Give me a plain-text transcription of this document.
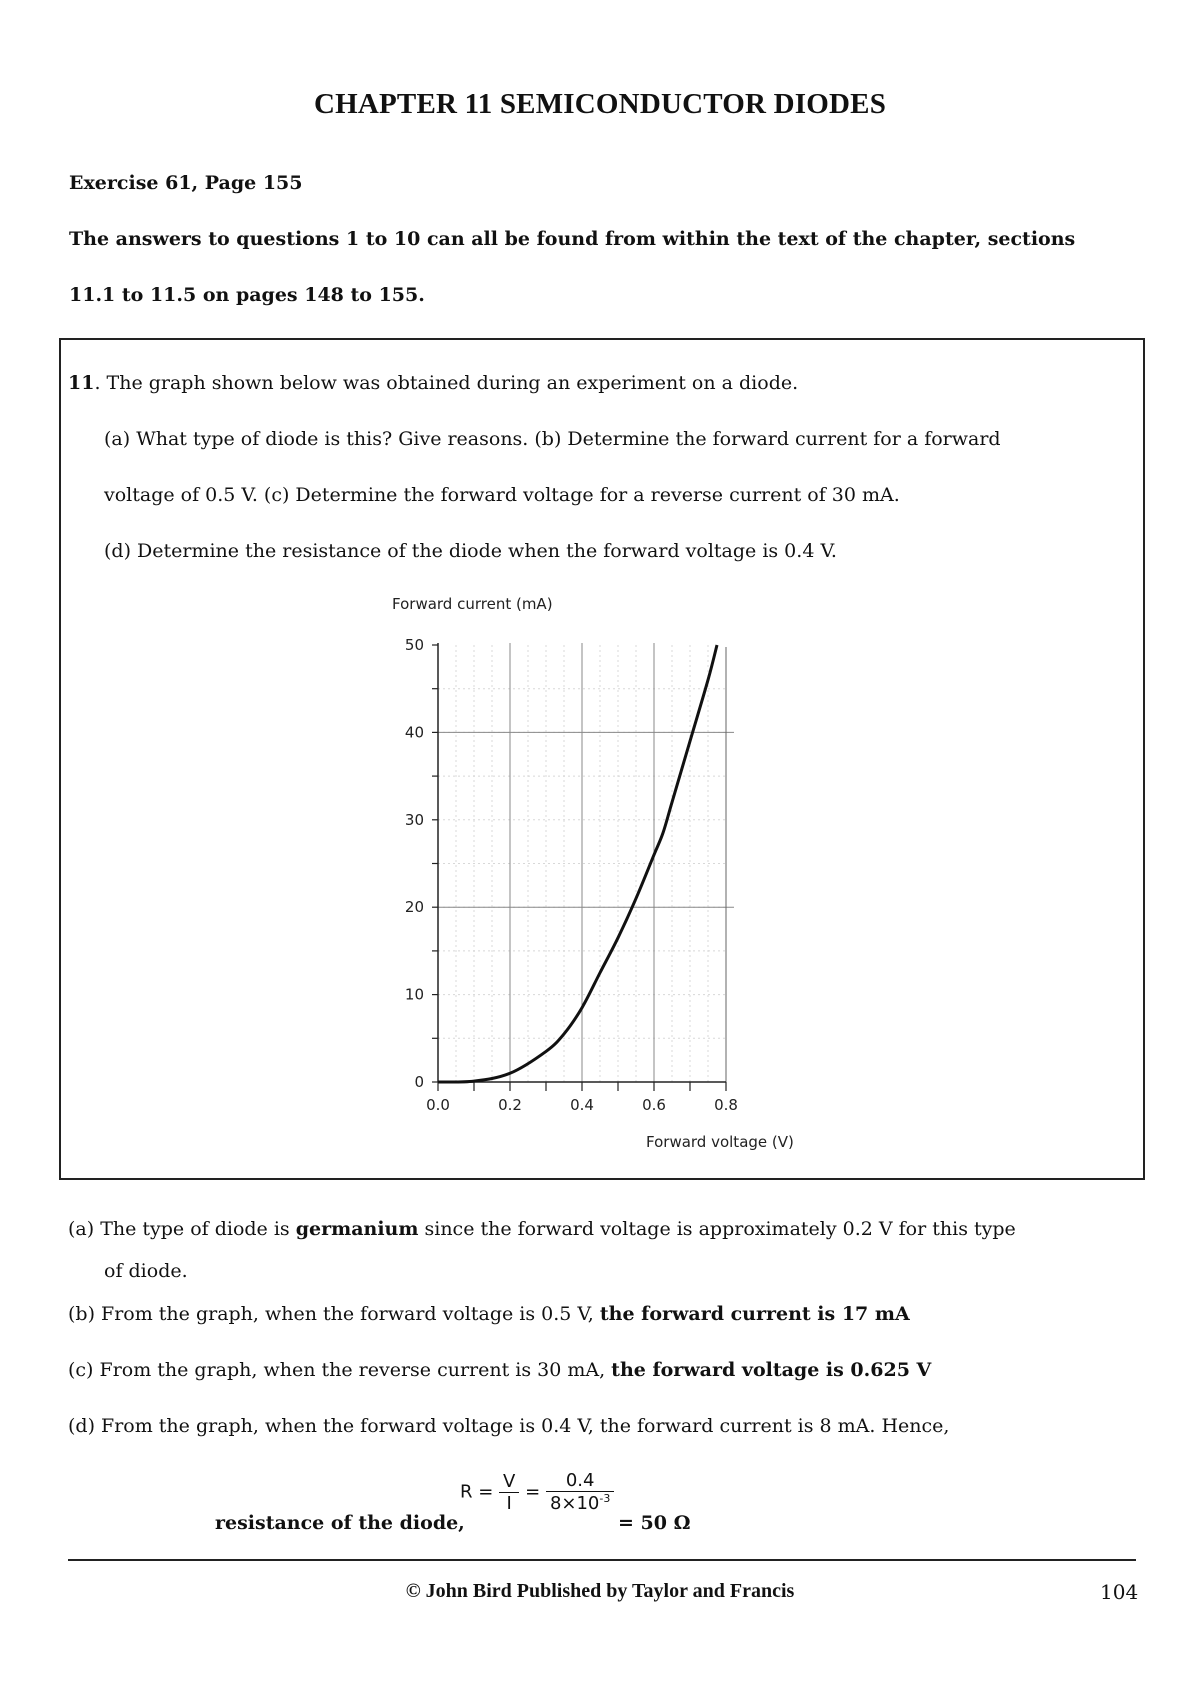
CHAPTER 11 SEMICONDUCTOR DIODES
Exercise 61, Page 155
The answers to questions 1 to 10 can all be found from within the text of the chapter, sections
11.1 to 11.5 on pages 148 to 155.
11. The graph shown below was obtained during an experiment on a diode.
(a) What type of diode is this? Give reasons. (b) Determine the forward current for a forward
voltage of 0.5 V. (c) Determine the forward voltage for a reverse current of 30 mA.
(d) Determine the resistance of the diode when the forward voltage is 0.4 V.
0
10
20
30
40
50
0.0	0.2	0.4	0.6	0.8
Forward current (mA)
Forward voltage (V)
(a) The type of diode is germanium since the forward voltage is approximately 0.2 V for this type
of diode.
(b) From the graph, when the forward voltage is 0.5 V, the forward current is 17 mA
(c) From the graph, when the reverse current is 30 mA, the forward voltage is 0.625 V
(d) From the graph, when the forward voltage is 0.4 V, the forward current is 8 mA. Hence,
resistance of the diode,
$R = \frac{V}{I} = \frac{0.4}{8\times 10^{-3}}$
= 50 Ω
© John Bird Published by Taylor and Francis	104
